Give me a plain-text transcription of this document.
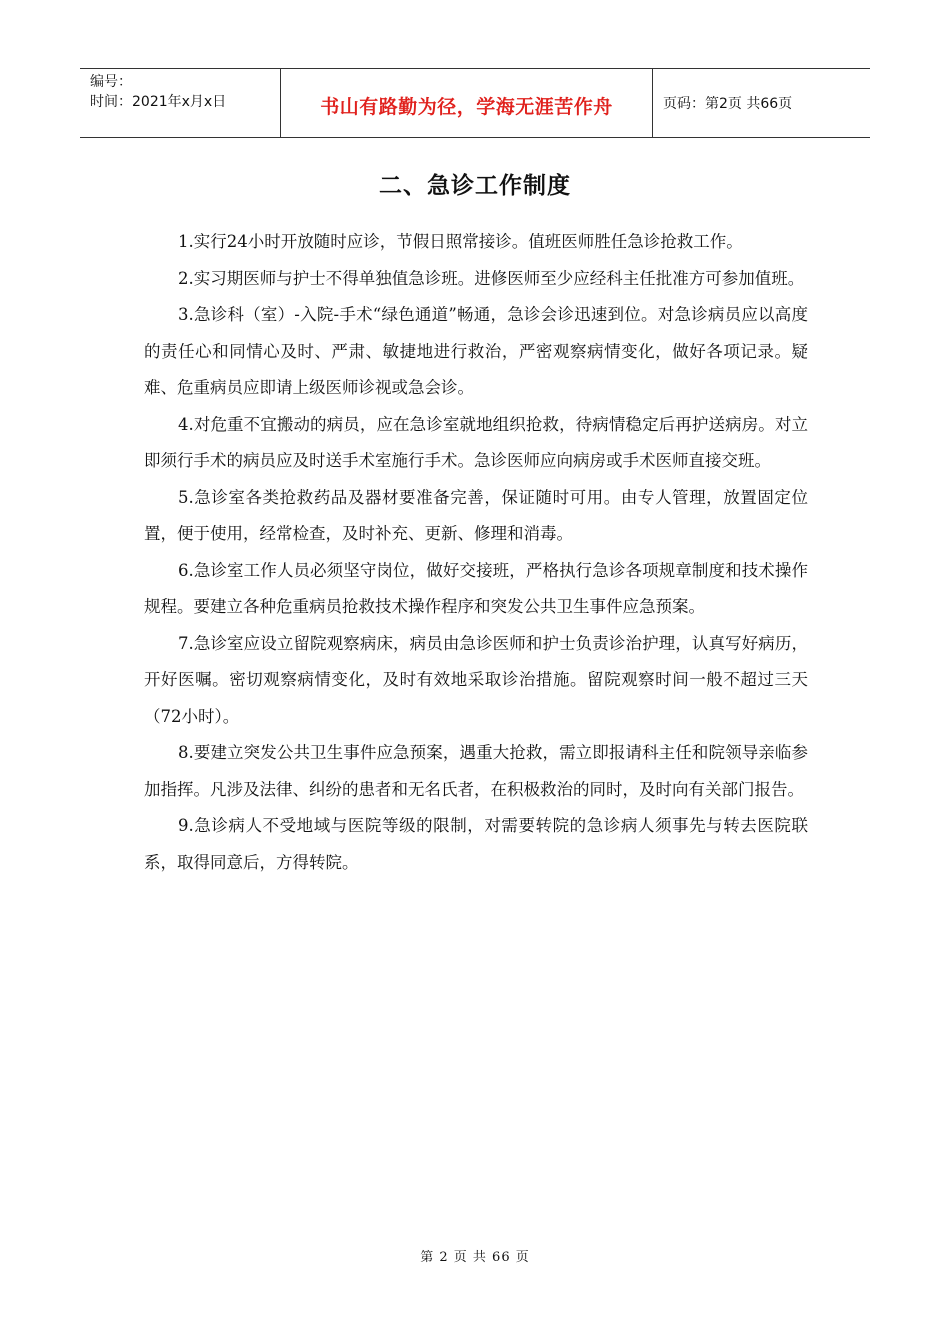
编号：
时间：2021年x月x日	书山有路勤为径，学海无涯苦作舟	页码：第2页 共66页
二、急诊工作制度

1.实行24小时开放随时应诊，节假日照常接诊。值班医师胜任急诊抢救工作。

2.实习期医师与护士不得单独值急诊班。进修医师至少应经科主任批准方可参加值班。

3.急诊科（室）-入院-手术“绿色通道”畅通，急诊会诊迅速到位。对急诊病员应以高度的责任心和同情心及时、严肃、敏捷地进行救治，严密观察病情变化，做好各项记录。疑难、危重病员应即请上级医师诊视或急会诊。

4.对危重不宜搬动的病员，应在急诊室就地组织抢救，待病情稳定后再护送病房。对立即须行手术的病员应及时送手术室施行手术。急诊医师应向病房或手术医师直接交班。

5.急诊室各类抢救药品及器材要准备完善，保证随时可用。由专人管理，放置固定位置，便于使用，经常检查，及时补充、更新、修理和消毒。

6.急诊室工作人员必须坚守岗位，做好交接班，严格执行急诊各项规章制度和技术操作规程。要建立各种危重病员抢救技术操作程序和突发公共卫生事件应急预案。

7.急诊室应设立留院观察病床，病员由急诊医师和护士负责诊治护理，认真写好病历，开好医嘱。密切观察病情变化，及时有效地采取诊治措施。留院观察时间一般不超过三天（72小时）。

8.要建立突发公共卫生事件应急预案，遇重大抢救，需立即报请科主任和院领导亲临参加指挥。凡涉及法律、纠纷的患者和无名氏者，在积极救治的同时，及时向有关部门报告。

9.急诊病人不受地域与医院等级的限制，对需要转院的急诊病人须事先与转去医院联系，取得同意后，方得转院。

第 2 页 共 66 页
